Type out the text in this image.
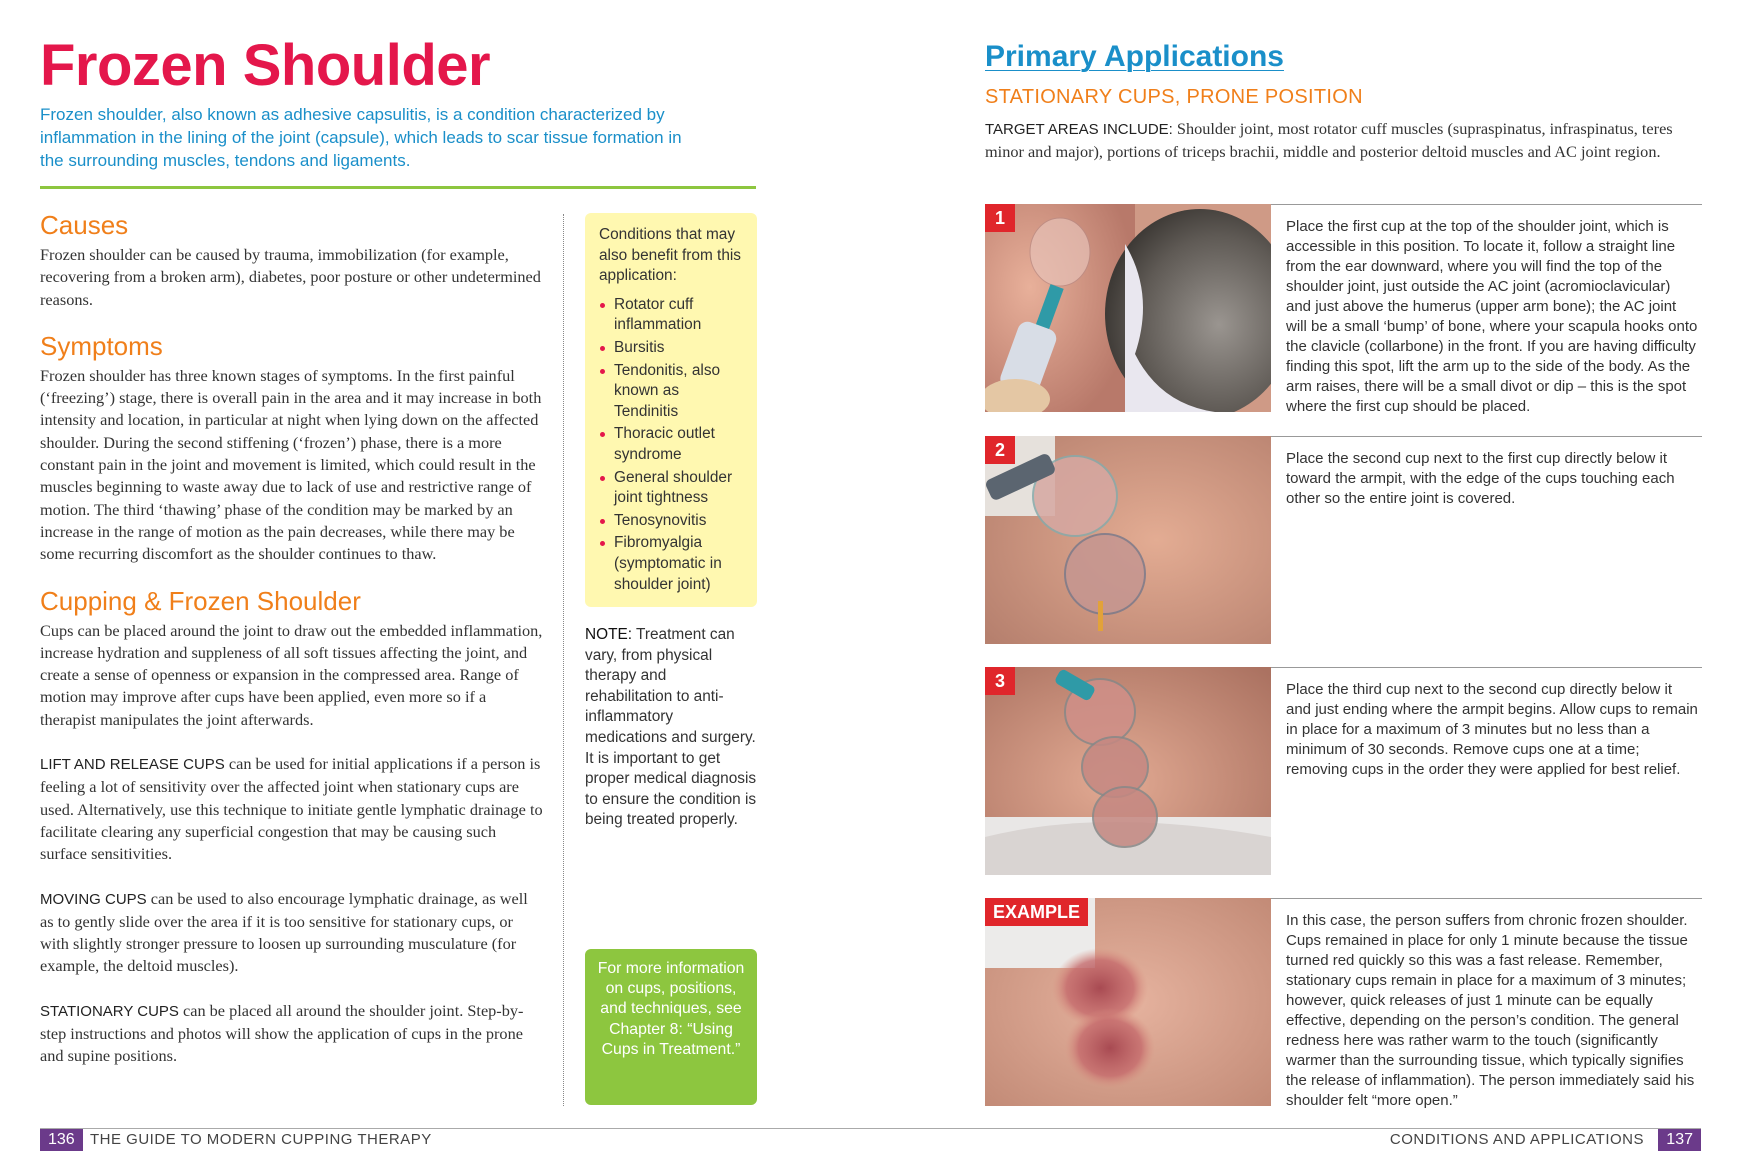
Frozen Shoulder
Frozen shoulder, also known as adhesive capsulitis, is a condition characterized by inflammation in the lining of the joint (capsule), which leads to scar tissue formation in the surrounding muscles, tendons and ligaments.
Causes

Frozen shoulder can be caused by trauma, immobilization (for example, recovering from a broken arm), diabetes, poor posture or other undetermined reasons.

Symptoms

Frozen shoulder has three known stages of symptoms. In the first painful (‘freezing’) stage, there is overall pain in the area and it may increase in both intensity and location, in particular at night when lying down on the affected shoulder. During the second stiffening (‘frozen’) phase, there is a more constant pain in the joint and movement is limited, which could result in the muscles beginning to waste away due to lack of use and restrictive range of motion. The third ‘thawing’ phase of the condition may be marked by an increase in the range of motion as the pain decreases, while there may be some recurring discomfort as the shoulder continues to thaw.

Cupping & Frozen Shoulder

Cups can be placed around the joint to draw out the embedded inflammation, increase hydration and suppleness of all soft tissues affecting the joint, and create a sense of openness or expansion in the compressed area. Range of motion may improve after cups have been applied, even more so if a therapist manipulates the joint afterwards.

LIFT AND RELEASE CUPS can be used for initial applications if a person is feeling a lot of sensitivity over the affected joint when stationary cups are used. Alternatively, use this technique to initiate gentle lymphatic drainage to facilitate clearing any superficial congestion that may be causing such surface sensitivities.

MOVING CUPS can be used to also encourage lymphatic drainage, as well as to gently slide over the area if it is too sensitive for stationary cups, or with slightly stronger pressure to loosen up surrounding musculature (for example, the deltoid muscles).

STATIONARY CUPS can be placed all around the shoulder joint. Step-by-step instructions and photos will show the application of cups in the prone and supine positions.

Conditions that may also benefit from this application:
Rotator cuff inflammation
Bursitis
Tendonitis, also known as Tendinitis
Thoracic outlet syndrome
General shoulder joint tightness
Tenosynovitis
Fibromyalgia (symptomatic in shoulder joint)

NOTE: Treatment can vary, from physical therapy and rehabilitation to anti-inflammatory medications and surgery. It is important to get proper medical diagnosis to ensure the condition is being treated properly.

For more information on cups, positions, and techniques, see Chapter 8: “Using Cups in Treatment.”
Primary Applications
STATIONARY CUPS, PRONE POSITION

TARGET AREAS INCLUDE: Shoulder joint, most rotator cuff muscles (supraspinatus, infraspinatus, teres minor and major), portions of triceps brachii, middle and posterior deltoid muscles and AC joint region.

1	Place the first cup at the top of the shoulder joint, which is accessible in this position. To locate it, follow a straight line from the ear downward, where you will find the top of the shoulder joint, just outside the AC joint (acromioclavicular) and just above the humerus (upper arm bone); the AC joint will be a small ‘bump’ of bone, where your scapula hooks onto the clavicle (collarbone) in the front. If you are having difficulty finding this spot, lift the arm up to the side of the body. As the arm raises, there will be a small divot or dip – this is the spot where the first cup should be placed.
2	Place the second cup next to the first cup directly below it toward the armpit, with the edge of the cups touching each other so the entire joint is covered.
3	Place the third cup next to the second cup directly below it and just ending where the armpit begins. Allow cups to remain in place for a maximum of 3 minutes but no less than a minimum of 30 seconds. Remove cups one at a time; removing cups in the order they were applied for best relief.
EXAMPLE	In this case, the person suffers from chronic frozen shoulder. Cups remained in place for only 1 minute because the tissue turned red quickly so this was a fast release. Remember, stationary cups remain in place for a maximum of 3 minutes; however, quick releases of just 1 minute can be equally effective, depending on the person’s condition. The general redness here was rather warm to the touch (significantly warmer than the surrounding tissue, which typically signifies the release of inflammation). The person immediately said his shoulder felt “more open.”
136	THE GUIDE TO MODERN CUPPING THERAPY	CONDITIONS AND APPLICATIONS	137
